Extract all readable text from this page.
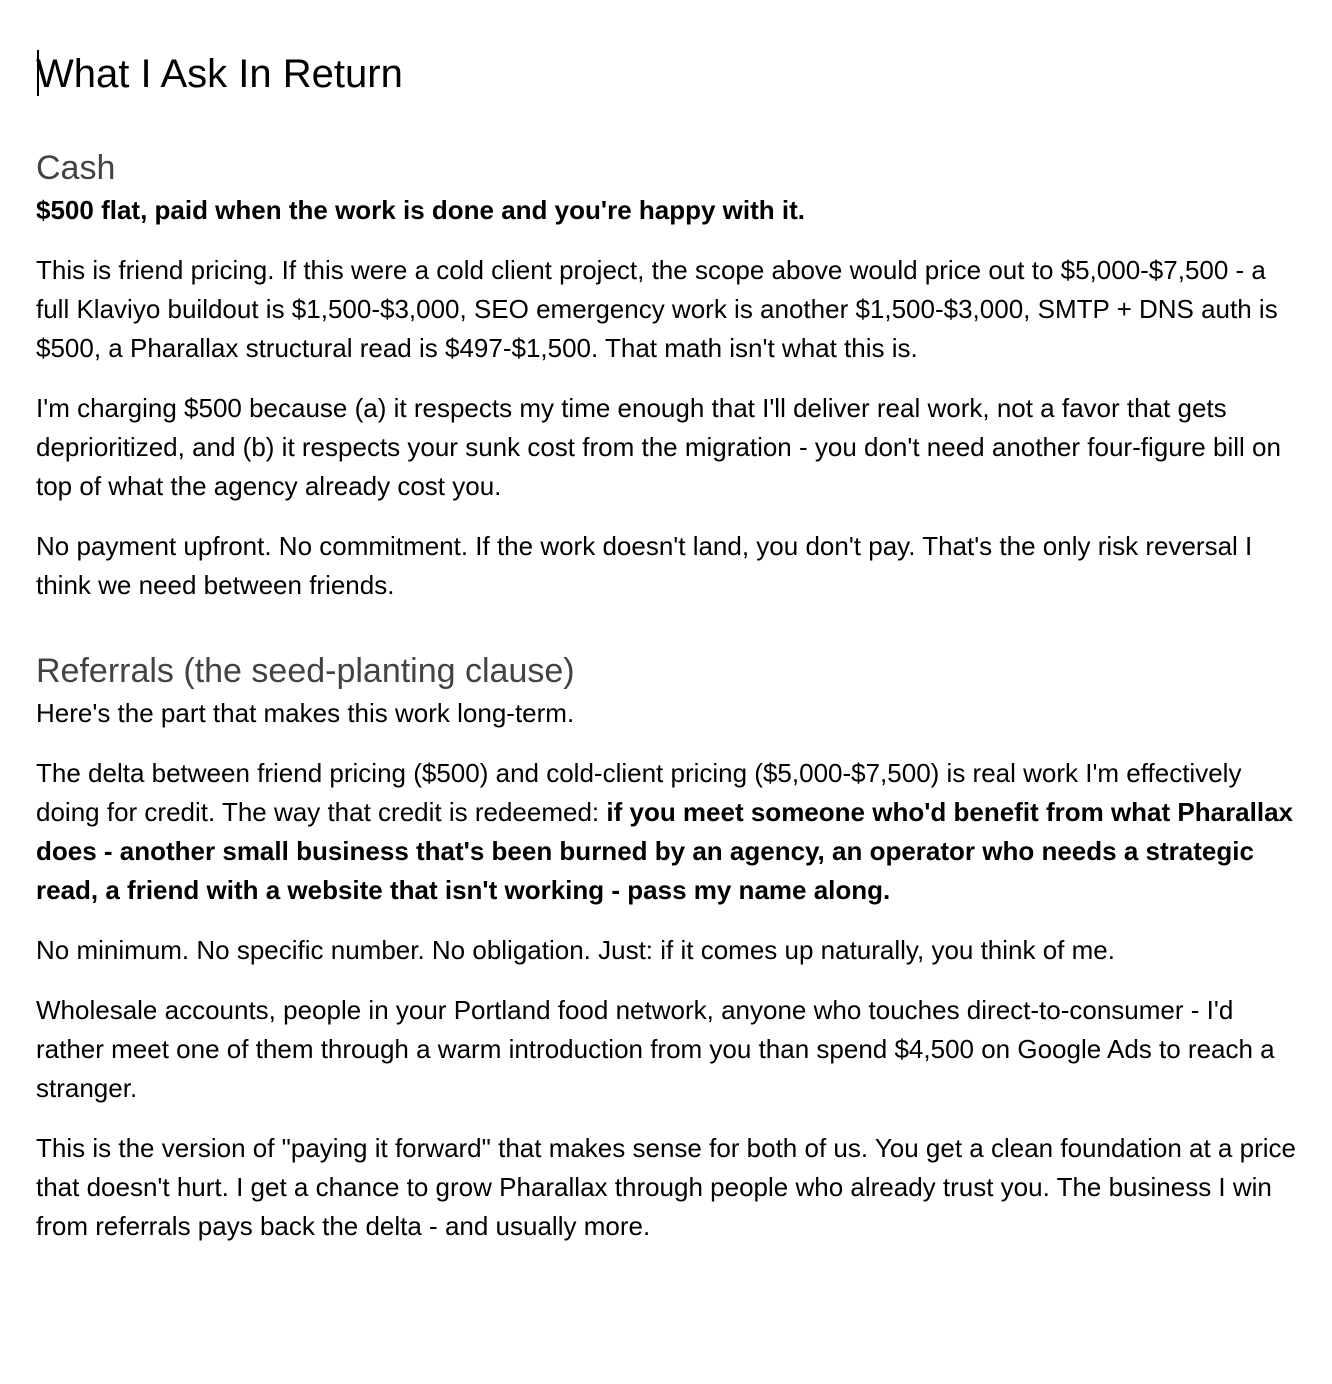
What I Ask In Return
Cash

$500 flat, paid when the work is done and you're happy with it.

This is friend pricing. If this were a cold client project, the scope above would price out to $5,000-$7,500 - a full Klaviyo buildout is $1,500-$3,000, SEO emergency work is another $1,500-$3,000, SMTP + DNS auth is $500, a Pharallax structural read is $497-$1,500. That math isn't what this is.

I'm charging $500 because (a) it respects my time enough that I'll deliver real work, not a favor that gets deprioritized, and (b) it respects your sunk cost from the migration - you don't need another four-figure bill on top of what the agency already cost you.

No payment upfront. No commitment. If the work doesn't land, you don't pay. That's the only risk reversal I think we need between friends.

Referrals (the seed-planting clause)

Here's the part that makes this work long-term.

The delta between friend pricing ($500) and cold-client pricing ($5,000-$7,500) is real work I'm effectively doing for credit. The way that credit is redeemed: if you meet someone who'd benefit from what Pharallax does - another small business that's been burned by an agency, an operator who needs a strategic read, a friend with a website that isn't working - pass my name along.

No minimum. No specific number. No obligation. Just: if it comes up naturally, you think of me.

Wholesale accounts, people in your Portland food network, anyone who touches direct-to-consumer - I'd rather meet one of them through a warm introduction from you than spend $4,500 on Google Ads to reach a stranger.

This is the version of "paying it forward" that makes sense for both of us. You get a clean foundation at a price that doesn't hurt. I get a chance to grow Pharallax through people who already trust you. The business I win from referrals pays back the delta - and usually more.
